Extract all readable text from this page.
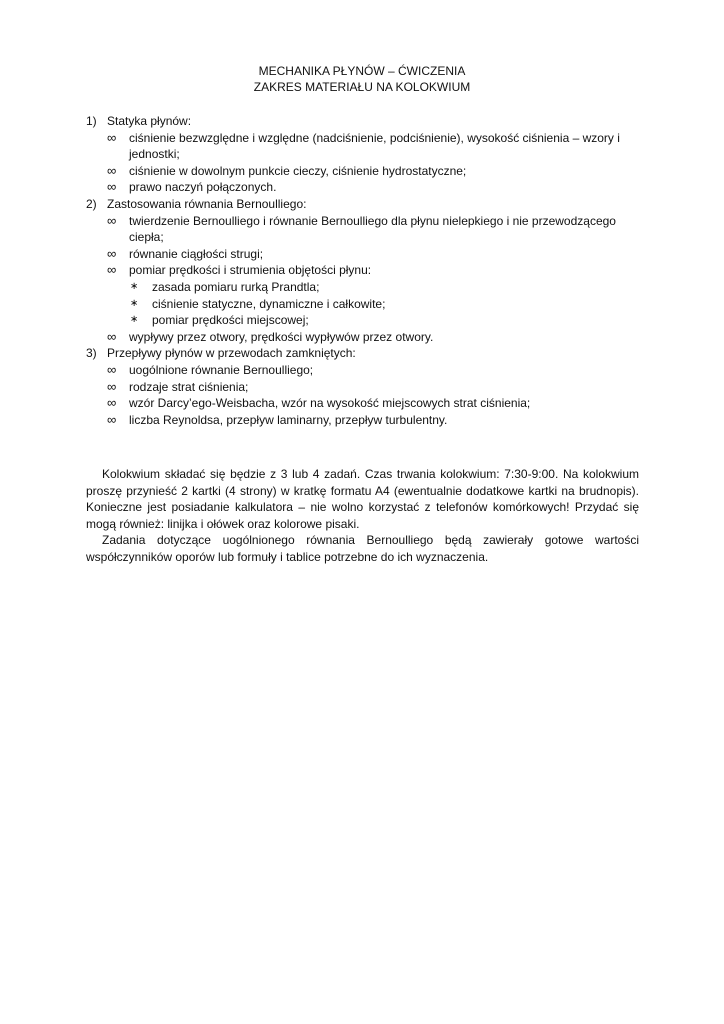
MECHANIKA PŁYNÓW – ĆWICZENIA
ZAKRES MATERIAŁU NA KOLOKWIUM
1) Statyka płynów:
∞ ciśnienie bezwzględne i względne (nadciśnienie, podciśnienie), wysokość ciśnienia – wzory i jednostki;
∞ ciśnienie w dowolnym punkcie cieczy, ciśnienie hydrostatyczne;
∞ prawo naczyń połączonych.
2) Zastosowania równania Bernoulliego:
∞ twierdzenie Bernoulliego i równanie Bernoulliego dla płynu nielepkiego i nie przewodzącego ciepła;
∞ równanie ciągłości strugi;
∞ pomiar prędkości i strumienia objętości płynu:
∗ zasada pomiaru rurką Prandtla;
∗ ciśnienie statyczne, dynamiczne i całkowite;
∗ pomiar prędkości miejscowej;
∞ wypływy przez otwory, prędkości wypływów przez otwory.
3) Przepływy płynów w przewodach zamkniętych:
∞ uogólnione równanie Bernoulliego;
∞ rodzaje strat ciśnienia;
∞ wzór Darcy’ego-Weisbacha, wzór na wysokość miejscowych strat ciśnienia;
∞ liczba Reynoldsa, przepływ laminarny, przepływ turbulentny.

Kolokwium składać się będzie z 3 lub 4 zadań. Czas trwania kolokwium: 7:30-9:00. Na kolokwium proszę przynieść 2 kartki (4 strony) w kratkę formatu A4 (ewentualnie dodatkowe kartki na brudnopis). Konieczne jest posiadanie kalkulatora – nie wolno korzystać z telefonów komórkowych! Przydać się mogą również: linijka i ołówek oraz kolorowe pisaki.

Zadania dotyczące uogólnionego równania Bernoulliego będą zawierały gotowe wartości współczynników oporów lub formuły i tablice potrzebne do ich wyznaczenia.
